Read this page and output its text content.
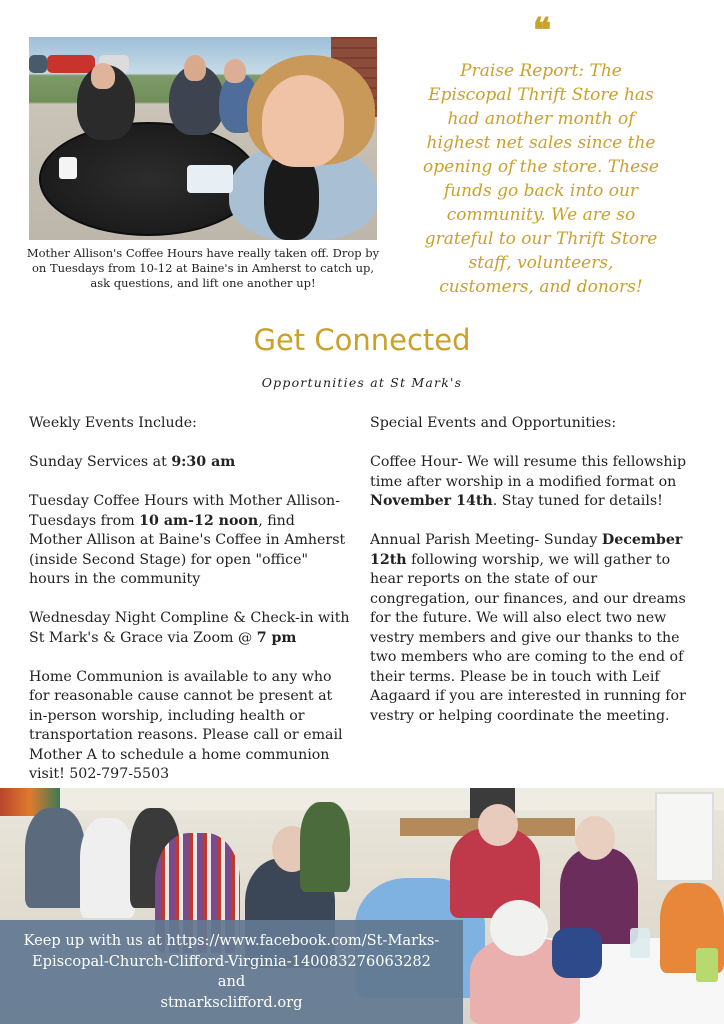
Mother Allison's Coffee Hours have really taken off. Drop by on Tuesdays from 10-12 at Baine's in Amherst to catch up, ask questions, and lift one another up!
❝
Praise Report: The Episcopal Thrift Store has had another month of highest net sales since the opening of the store. These funds go back into our community. We are so grateful to our Thrift Store staff, volunteers, customers, and donors!
Get Connected
Opportunities at St Mark's

Weekly Events Include:

Sunday Services at 9:30 am

Tuesday Coffee Hours with Mother Allison- Tuesdays from 10 am-12 noon, find Mother Allison at Baine's Coffee in Amherst (inside Second Stage) for open "office" hours in the community

Wednesday Night Compline & Check-in with St Mark's & Grace via Zoom @ 7 pm

Home Communion is available to any who for reasonable cause cannot be present at in-person worship, including health or transportation reasons. Please call or email Mother A to schedule a home communion visit! 502-797-5503

Special Events and Opportunities:

Coffee Hour- We will resume this fellowship time after worship in a modified format on November 14th. Stay tuned for details!

Annual Parish Meeting- Sunday December 12th following worship, we will gather to hear reports on the state of our congregation, our finances, and our dreams for the future. We will also elect two new vestry members and give our thanks to the two members who are coming to the end of their terms. Please be in touch with Leif Aagaard if you are interested in running for vestry or helping coordinate the meeting.

Keep up with us at https://www.facebook.com/St-Marks-Episcopal-Church-Clifford-Virginia-140083276063282
and
stmarksclifford.org
